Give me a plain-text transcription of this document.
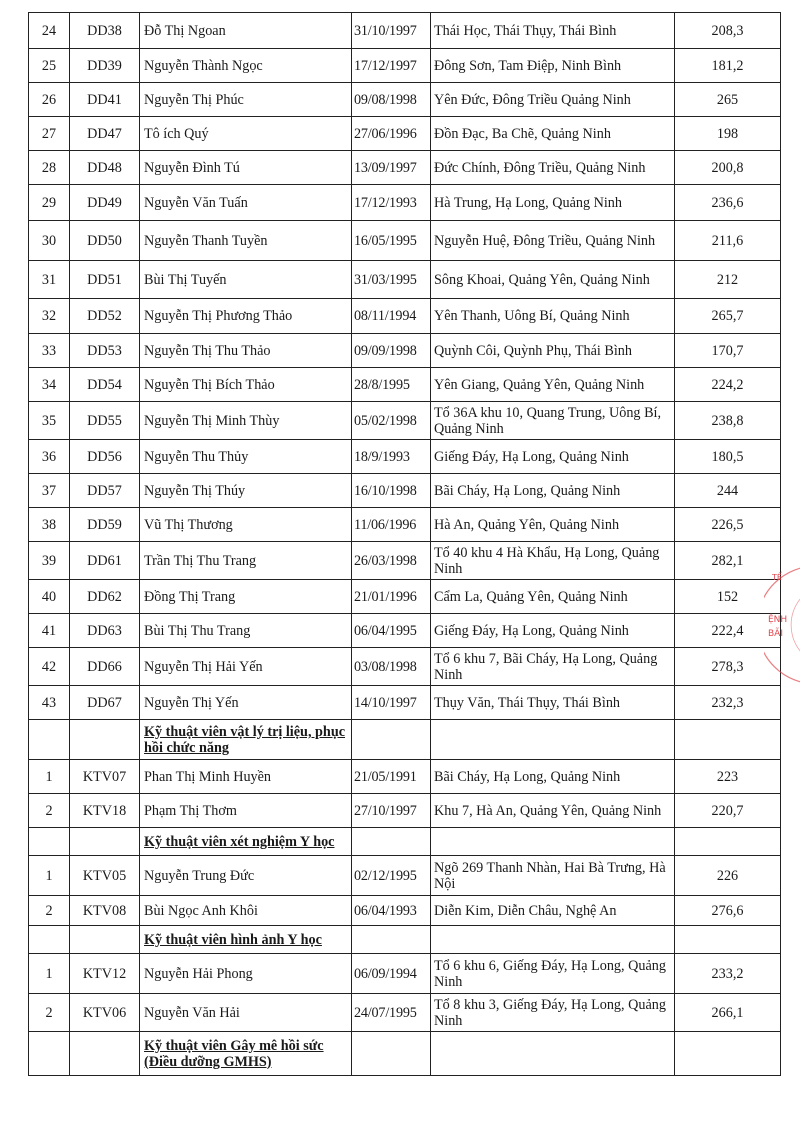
24	DD38	Đỗ Thị Ngoan	31/10/1997	Thái Học, Thái Thụy, Thái Bình	208,3
25	DD39	Nguyễn Thành Ngọc	17/12/1997	Đông Sơn, Tam Điệp, Ninh Bình	181,2
26	DD41	Nguyễn Thị Phúc	09/08/1998	Yên Đức, Đông Triều Quảng Ninh	265
27	DD47	Tô ích Quý	27/06/1996	Đồn Đạc, Ba Chẽ, Quảng Ninh	198
28	DD48	Nguyễn Đình Tú	13/09/1997	Đức Chính, Đông Triều, Quảng Ninh	200,8
29	DD49	Nguyễn Văn Tuấn	17/12/1993	Hà Trung, Hạ Long, Quảng Ninh	236,6
30	DD50	Nguyễn Thanh Tuyền	16/05/1995	Nguyễn Huệ, Đông Triều, Quảng Ninh	211,6
31	DD51	Bùi Thị Tuyến	31/03/1995	Sông Khoai, Quảng Yên, Quảng Ninh	212
32	DD52	Nguyễn Thị Phương Thảo	08/11/1994	Yên Thanh, Uông Bí, Quảng Ninh	265,7
33	DD53	Nguyễn Thị Thu Thảo	09/09/1998	Quỳnh Côi, Quỳnh Phụ, Thái Bình	170,7
34	DD54	Nguyễn Thị Bích Thảo	28/8/1995	Yên Giang, Quảng Yên, Quảng Ninh	224,2
35	DD55	Nguyễn Thị Minh Thùy	05/02/1998	Tổ 36A khu 10, Quang Trung, Uông Bí, Quảng Ninh	238,8
36	DD56	Nguyễn Thu Thủy	18/9/1993	Giếng Đáy, Hạ Long, Quảng Ninh	180,5
37	DD57	Nguyễn Thị Thúy	16/10/1998	Bãi Cháy, Hạ Long, Quảng Ninh	244
38	DD59	Vũ Thị Thương	11/06/1996	Hà An, Quảng Yên, Quảng Ninh	226,5
39	DD61	Trần Thị Thu Trang	26/03/1998	Tổ 40 khu 4 Hà Khẩu, Hạ Long, Quảng Ninh	282,1
40	DD62	Đồng Thị Trang	21/01/1996	Cẩm La, Quảng Yên, Quảng Ninh	152
41	DD63	Bùi Thị Thu Trang	06/04/1995	Giếng Đáy, Hạ Long, Quảng Ninh	222,4
42	DD66	Nguyễn Thị Hải Yến	03/08/1998	Tổ 6 khu 7, Bãi Cháy, Hạ Long, Quảng Ninh	278,3
43	DD67	Nguyễn Thị Yến	14/10/1997	Thụy Văn, Thái Thụy, Thái Bình	232,3
		Kỹ thuật viên vật lý trị liệu, phục hồi chức năng			
1	KTV07	Phan Thị Minh Huyền	21/05/1991	Bãi Cháy, Hạ Long, Quảng Ninh	223
2	KTV18	Phạm Thị Thơm	27/10/1997	Khu 7, Hà An, Quảng Yên, Quảng Ninh	220,7
		Kỹ thuật viên xét nghiệm Y học			
1	KTV05	Nguyễn Trung Đức	02/12/1995	Ngõ 269 Thanh Nhàn, Hai Bà Trưng, Hà Nội	226
2	KTV08	Bùi Ngọc Anh Khôi	06/04/1993	Diễn Kim, Diễn Châu, Nghệ An	276,6
		Kỹ thuật viên hình ảnh Y học			
1	KTV12	Nguyễn Hải Phong	06/09/1994	Tổ 6 khu 6, Giếng Đáy, Hạ Long, Quảng Ninh	233,2
2	KTV06	Nguyễn Văn Hải	24/07/1995	Tổ 8 khu 3, Giếng Đáy, Hạ Long, Quảng Ninh	266,1
		Kỹ thuật viên Gây mê hồi sức (Điều dưỡng GMHS)			
TẾ
ỆNH
BÃI
